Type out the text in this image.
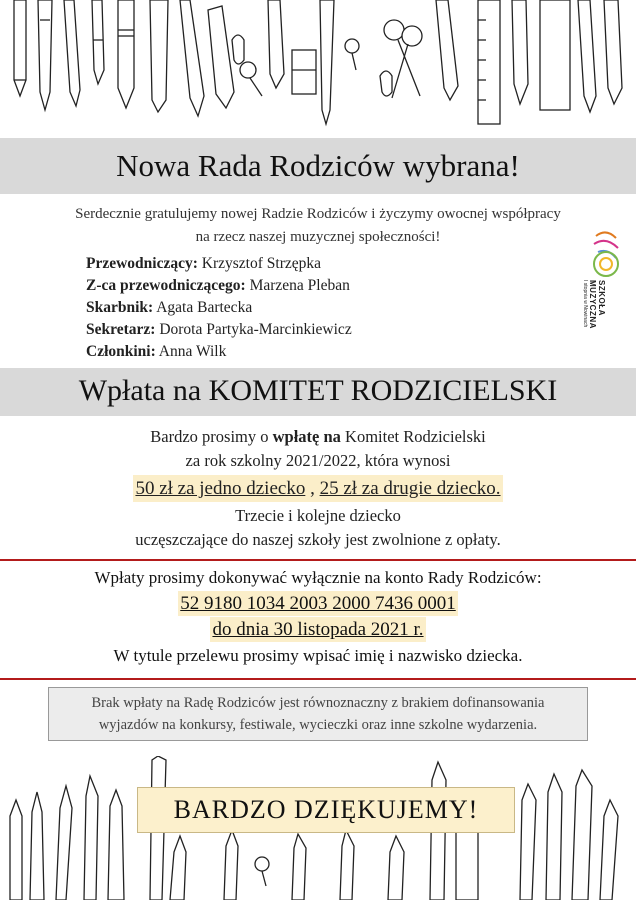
Nowa Rada Rodziców wybrana!
Serdecznie gratulujemy nowej Radzie Rodziców i życzymy owocnej współpracy
na rzecz naszej muzycznej społeczności!
Przewodniczący: Krzysztof Strzępka
Z-ca przewodniczącego: Marzena Pleban
Skarbnik: Agata Bartecka
Sekretarz: Dorota Partyka-Marcinkiewicz
Członkini: Anna Wilk
SZKOŁA
MUZYCZNA
I stopnia w Nowinach
Wpłata na KOMITET RODZICIELSKI
Bardzo prosimy o wpłatę na Komitet Rodzicielski
za rok szkolny 2021/2022, która wynosi
50 zł za jedno dziecko , 25 zł za drugie dziecko.
Trzecie i kolejne dziecko
uczęszczające do naszej szkoły jest zwolnione z opłaty.
Wpłaty prosimy dokonywać wyłącznie na konto Rady Rodziców:
52 9180 1034 2003 2000 7436 0001
do dnia 30 listopada 2021 r.
W tytule przelewu prosimy wpisać imię i nazwisko dziecka.
Brak wpłaty na Radę Rodziców jest równoznaczny z brakiem dofinansowania
wyjazdów na konkursy, festiwale, wycieczki oraz inne szkolne wydarzenia.
BARDZO DZIĘKUJEMY!
